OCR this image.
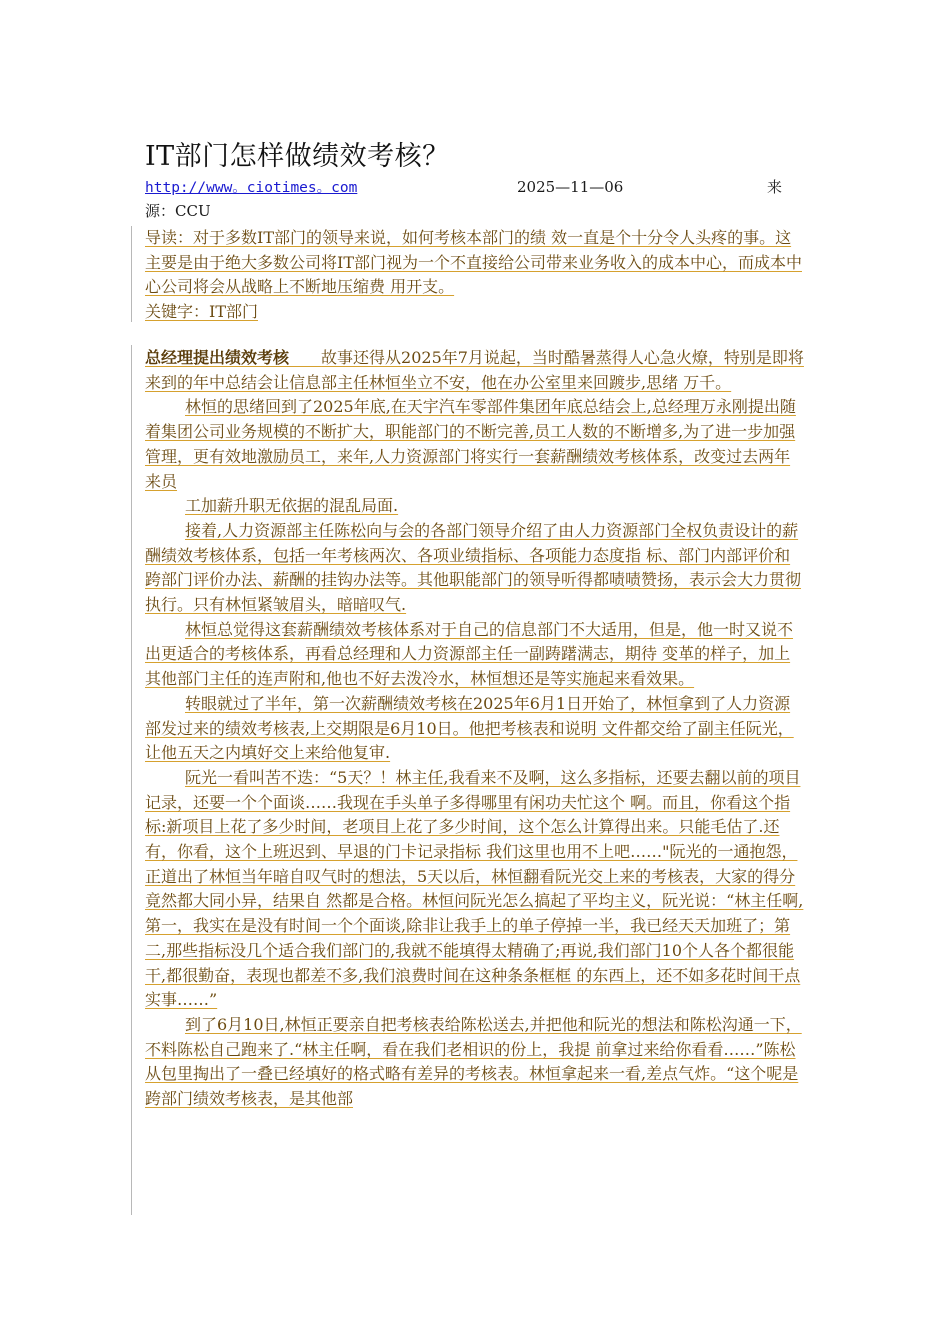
IT部门怎样做绩效考核？
http://www。ciotimes。com	2025—11—06	来
源：CCU

导读：对于多数IT部门的领导来说，如何考核本部门的绩 效一直是个十分令人头疼的事。这主要是由于绝大多数公司将IT部门视为一个不直接给公司带来业务收入的成本中心，而成本中心公司将会从战略上不断地压缩费 用开支。

关键字：IT部门

总经理提出绩效考核　　 故事还得从2025年7月说起，当时酷暑蒸得人心急火燎，特别是即将来到的年中总结会让信息部主任林恒坐立不安，他在办公室里来回踱步,思绪 万千。

林恒的思绪回到了2025年底,在天宇汽车零部件集团年底总结会上,总经理万永刚提出随着集团公司业务规模的不断扩大，职能部门的不断完善,员工人数的不断增多,为了进一步加强管理，更有效地激励员工，来年,人力资源部门将实行一套薪酬绩效考核体系，改变过去两年来员

工加薪升职无依据的混乱局面.

接着,人力资源部主任陈松向与会的各部门领导介绍了由人力资源部门全权负责设计的薪酬绩效考核体系，包括一年考核两次、各项业绩指标、各项能力态度指 标、部门内部评价和跨部门评价办法、薪酬的挂钩办法等。其他职能部门的领导听得都啧啧赞扬，表示会大力贯彻执行。只有林恒紧皱眉头，暗暗叹气.

林恒总觉得这套薪酬绩效考核体系对于自己的信息部门不大适用，但是，他一时又说不出更适合的考核体系，再看总经理和人力资源部主任一副踌躇满志，期待 变革的样子，加上其他部门主任的连声附和,他也不好去泼冷水，林恒想还是等实施起来看效果。

转眼就过了半年，第一次薪酬绩效考核在2025年6月1日开始了，林恒拿到了人力资源部发过来的绩效考核表,上交期限是6月10日。他把考核表和说明 文件都交给了副主任阮光，让他五天之内填好交上来给他复审.

阮光一看叫苦不迭：“5天？！林主任,我看来不及啊，这么多指标，还要去翻以前的项目记录，还要一个个面谈……我现在手头单子多得哪里有闲功夫忙这个 啊。而且，你看这个指标:新项目上花了多少时间，老项目上花了多少时间，这个怎么计算得出来。只能毛估了.还有，你看，这个上班迟到、早退的门卡记录指标 我们这里也用不上吧……"阮光的一通抱怨，正道出了林恒当年暗自叹气时的想法，5天以后，林恒翻看阮光交上来的考核表，大家的得分竟然都大同小异，结果自 然都是合格。林恒问阮光怎么搞起了平均主义，阮光说：“林主任啊,第一，我实在是没有时间一个个面谈,除非让我手上的单子停掉一半，我已经天天加班了；第 二,那些指标没几个适合我们部门的,我就不能填得太精确了;再说,我们部门10个人各个都很能干,都很勤奋，表现也都差不多,我们浪费时间在这种条条框框 的东西上，还不如多花时间干点实事……”

到了6月10日,林恒正要亲自把考核表给陈松送去,并把他和阮光的想法和陈松沟通一下，不料陈松自己跑来了.“林主任啊，看在我们老相识的份上，我提 前拿过来给你看看……”陈松从包里掏出了一叠已经填好的格式略有差异的考核表。林恒拿起来一看,差点气炸。“这个呢是跨部门绩效考核表，是其他部
